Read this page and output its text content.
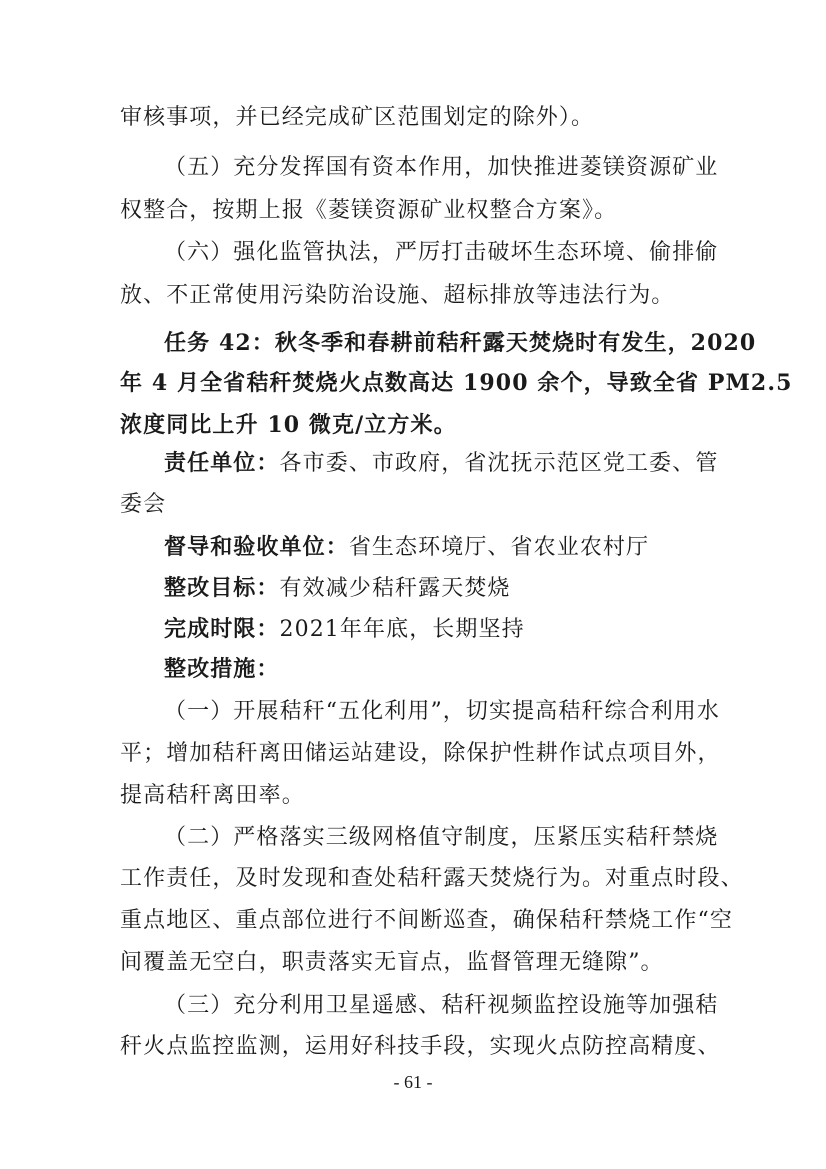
审核事项，并已经完成矿区范围划定的除外）。
（五）充分发挥国有资本作用，加快推进菱镁资源矿业
权整合，按期上报《菱镁资源矿业权整合方案》。
（六）强化监管执法，严厉打击破坏生态环境、偷排偷
放、不正常使用污染防治设施、超标排放等违法行为。
任务 42：秋冬季和春耕前秸秆露天焚烧时有发生，2020
年 4 月全省秸秆焚烧火点数高达 1900 余个，导致全省 PM2.5
浓度同比上升 10 微克/立方米。
责任单位：各市委、市政府，省沈抚示范区党工委、管
委会
督导和验收单位：省生态环境厅、省农业农村厅
整改目标：有效减少秸秆露天焚烧
完成时限：2021年年底，长期坚持
整改措施：
（一）开展秸秆“五化利用”，切实提高秸秆综合利用水
平；增加秸秆离田储运站建设，除保护性耕作试点项目外，
提高秸秆离田率。
（二）严格落实三级网格值守制度，压紧压实秸秆禁烧
工作责任，及时发现和查处秸秆露天焚烧行为。对重点时段、
重点地区、重点部位进行不间断巡查，确保秸秆禁烧工作“空
间覆盖无空白，职责落实无盲点，监督管理无缝隙”。
（三）充分利用卫星遥感、秸秆视频监控设施等加强秸
秆火点监控监测，运用好科技手段，实现火点防控高精度、
- 61 -
